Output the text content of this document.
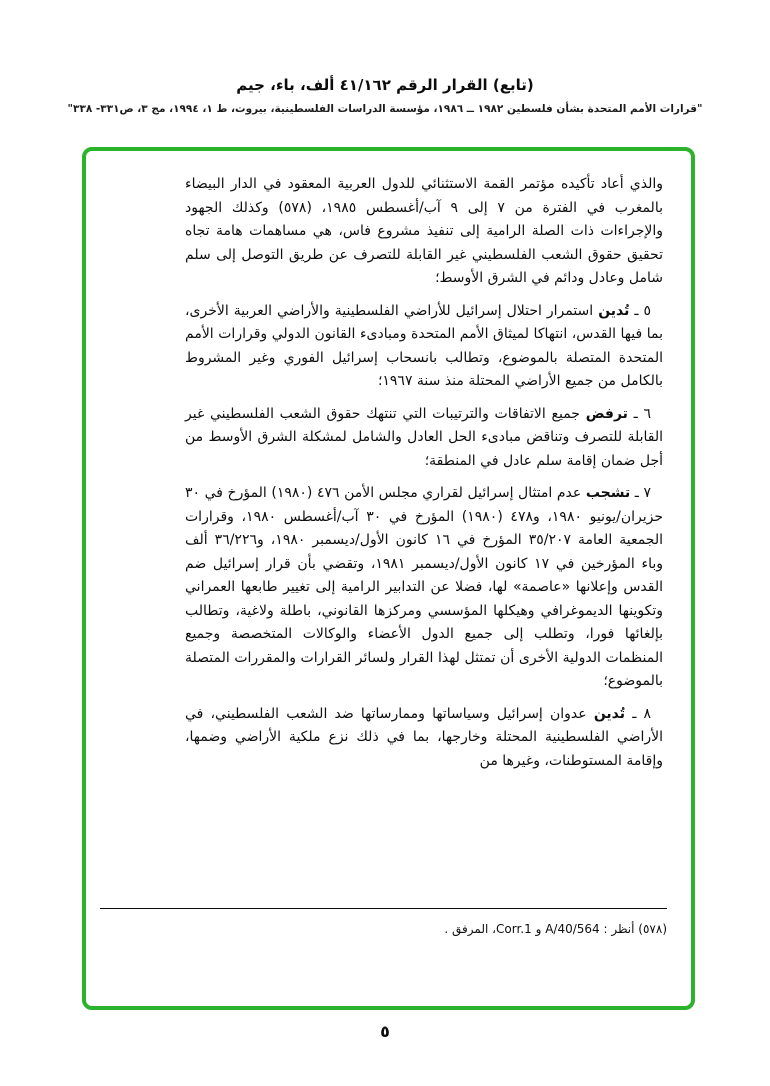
(تابع) القرار الرقم ٤١/١٦٢ ألف، باء، جيم
"قرارات الأمم المتحدة بشأن فلسطين ١٩٨٢ ــ ١٩٨٦، مؤسسة الدراسات الفلسطينية، بيروت، ط ١، ١٩٩٤، مج ٣، ص٣٣١- ٣٣٨"

والذي أعاد تأكيده مؤتمر القمة الاستثنائي للدول العربية المعقود في الدار البيضاء بالمغرب في الفترة من ٧ إلى ٩ آب/أغسطس ١٩٨٥، (٥٧٨) وكذلك الجهود والإجراءات ذات الصلة الرامية إلى تنفيذ مشروع فاس، هي مساهمات هامة تجاه تحقيق حقوق الشعب الفلسطيني غير القابلة للتصرف عن طريق التوصل إلى سلم شامل وعادل ودائم في الشرق الأوسط؛

٥ ـ تُدين استمرار احتلال إسرائيل للأراضي الفلسطينية والأراضي العربية الأخرى، بما فيها القدس، انتهاكا لميثاق الأمم المتحدة ومبادىء القانون الدولي وقرارات الأمم المتحدة المتصلة بالموضوع، وتطالب بانسحاب إسرائيل الفوري وغير المشروط بالكامل من جميع الأراضي المحتلة منذ سنة ١٩٦٧؛

٦ ـ ترفض جميع الاتفاقات والترتيبات التي تنتهك حقوق الشعب الفلسطيني غير القابلة للتصرف وتناقض مبادىء الحل العادل والشامل لمشكلة الشرق الأوسط من أجل ضمان إقامة سلم عادل في المنطقة؛

٧ ـ تشجب عدم امتثال إسرائيل لقراري مجلس الأمن ٤٧٦ (١٩٨٠) المؤرخ في ٣٠ حزيران/يونيو ١٩٨٠، و٤٧٨ (١٩٨٠) المؤرخ في ٣٠ آب/أغسطس ١٩٨٠، وقرارات الجمعية العامة ٣٥/٢٠٧ المؤرخ في ١٦ كانون الأول/ديسمبر ١٩٨٠، و٣٦/٢٢٦ ألف وباء المؤرخين في ١٧ كانون الأول/ديسمبر ١٩٨١، وتقضي بأن قرار إسرائيل ضم القدس وإعلانها «عاصمة» لها، فضلا عن التدابير الرامية إلى تغيير طابعها العمراني وتكوينها الديموغرافي وهيكلها المؤسسي ومركزها القانوني، باطلة ولاغية، وتطالب بإلغائها فورا، وتطلب إلى جميع الدول الأعضاء والوكالات المتخصصة وجميع المنظمات الدولية الأخرى أن تمتثل لهذا القرار ولسائر القرارات والمقررات المتصلة بالموضوع؛

٨ ـ تُدين عدوان إسرائيل وسياساتها وممارساتها ضد الشعب الفلسطيني، في الأراضي الفلسطينية المحتلة وخارجها، بما في ذلك نزع ملكية الأراضي وضمها، وإقامة المستوطنات، وغيرها من

(٥٧٨) أنظر : A/40/564 و Corr.1، المرفق .
٥
